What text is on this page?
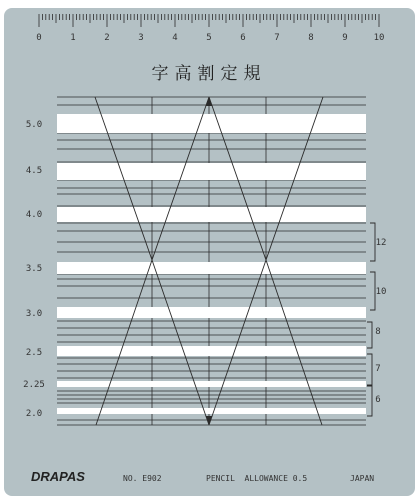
0	1	2	3	4	5	6	7	8	9	10
字高割定規
5.0
4.5
4.0
3.5
3.0
2.5
2.25
2.0
12
10
8
7
6
DRAPAS	NO. E902	PENCIL  ALLOWANCE 0.5	JAPAN
